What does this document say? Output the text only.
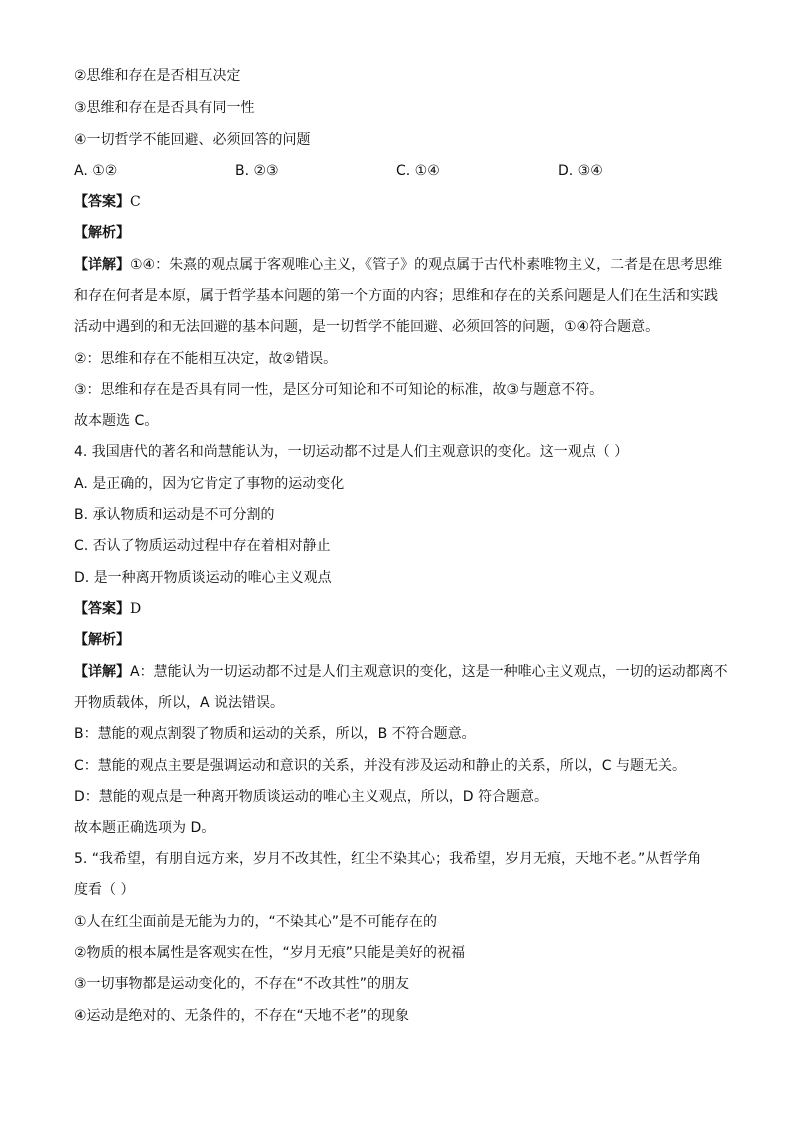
②思维和存在是否相互决定
③思维和存在是否具有同一性
④一切哲学不能回避、必须回答的问题
A. ①②	B. ②③	C. ①④	D. ③④
【答案】C
【解析】
【详解】①④：朱熹的观点属于客观唯心主义，《管子》的观点属于古代朴素唯物主义，二者是在思考思维
和存在何者是本原，属于哲学基本问题的第一个方面的内容；思维和存在的关系问题是人们在生活和实践
活动中遇到的和无法回避的基本问题，是一切哲学不能回避、必须回答的问题，①④符合题意。
②：思维和存在不能相互决定，故②错误。
③：思维和存在是否具有同一性，是区分可知论和不可知论的标准，故③与题意不符。
故本题选 C。
4. 我国唐代的著名和尚慧能认为，一切运动都不过是人们主观意识的变化。这一观点（ ）
A. 是正确的，因为它肯定了事物的运动变化
B. 承认物质和运动是不可分割的
C. 否认了物质运动过程中存在着相对静止
D. 是一种离开物质谈运动的唯心主义观点
【答案】D
【解析】
【详解】A：慧能认为一切运动都不过是人们主观意识的变化，这是一种唯心主义观点，一切的运动都离不
开物质载体，所以，A 说法错误。
B：慧能的观点割裂了物质和运动的关系，所以，B 不符合题意。
C：慧能的观点主要是强调运动和意识的关系，并没有涉及运动和静止的关系，所以，C 与题无关。
D：慧能的观点是一种离开物质谈运动的唯心主义观点，所以，D 符合题意。
故本题正确选项为 D。
5. “我希望，有朋自远方来，岁月不改其性，红尘不染其心；我希望，岁月无痕，天地不老。”从哲学角
度看（ ）
①人在红尘面前是无能为力的，“不染其心”是不可能存在的
②物质的根本属性是客观实在性，“岁月无痕”只能是美好的祝福
③一切事物都是运动变化的，不存在“不改其性”的朋友
④运动是绝对的、无条件的，不存在“天地不老”的现象
